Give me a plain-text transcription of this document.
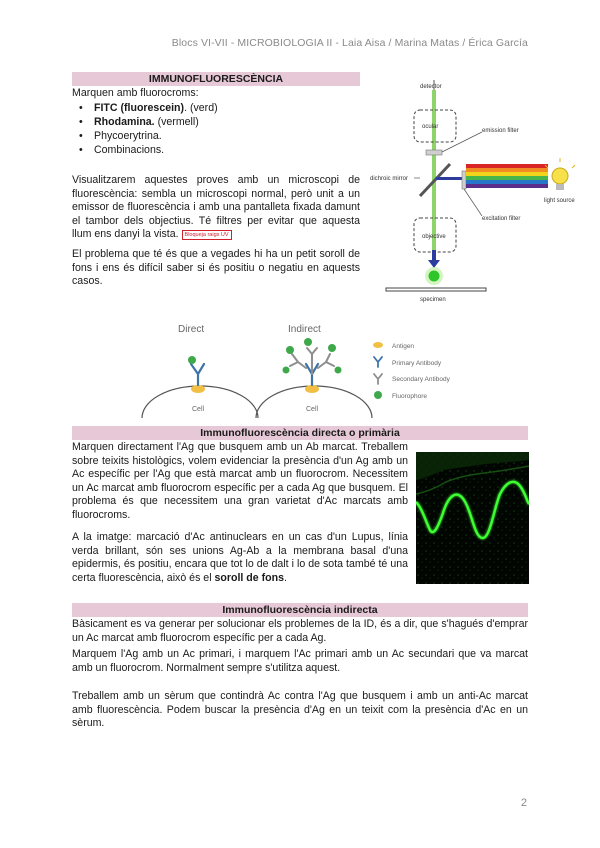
Blocs VI-VII - MICROBIOLOGIA II - Laia Aisa / Marina Matas / Érica García
IMMUNOFLUORESCÈNCIA
Marquen amb fluorocroms:
• FITC (fluorescein). (verd)
• Rhodamina. (vermell)
• Phycoerytrina.
• Combinacions.
Visualitzarem aquestes proves amb un microscopi de fluorescència: sembla un microscopi normal, però unit a un emissor de fluorescència i amb una pantalleta fixada damunt el tambor dels objectius. Té filtres per evitar que aquesta llum ens danyi la vista. Bloqueja raigs UV
El problema que té és que a vegades hi ha un petit soroll de fons i ens és difícil saber si és positiu o negatiu en aquests casos.
detector
ocular
emission filter
dichroic mirror
excitation filter
light source
objective
specimen
Direct	Indirect
Cell	Cell
Antigen
Primary Antibody
Secondary Antibody
Fluorophore
Immunofluorescència directa o primària
Marquen directament l'Ag que busquem amb un Ab marcat. Treballem sobre teixits histològics, volem evidenciar la presència d'un Ag amb un Ac específic per l'Ag que està marcat amb un fluorocrom. Necessitem un Ac marcat amb fluorocrom específic per a cada Ag que busquem. El problema és que necessitem una gran varietat d'Ac marcats amb fluorocroms.
A la imatge: marcació d'Ac antinuclears en un cas d'un Lupus, línia verda brillant, són ses unions Ag-Ab a la membrana basal d'una epidermis, és positiu, encara que tot lo de dalt i lo de sota també té una certa fluorescència, això és el soroll de fons.
Immunofluorescència indirecta
Bàsicament es va generar per solucionar els problemes de la ID, és a dir, que s'hagués d'emprar un Ac marcat amb fluorocrom específic per a cada Ag.
Marquem l'Ag amb un Ac primari, i marquem l'Ac primari amb un Ac secundari que va marcat amb un fluorocrom. Normalment sempre s'utilitza aquest.
Treballem amb un sèrum que contindrà Ac contra l'Ag que busquem i amb un anti-Ac marcat amb fluorescència. Podem buscar la presència d'Ag en un teixit com la presència d'Ac en un sèrum.
2
